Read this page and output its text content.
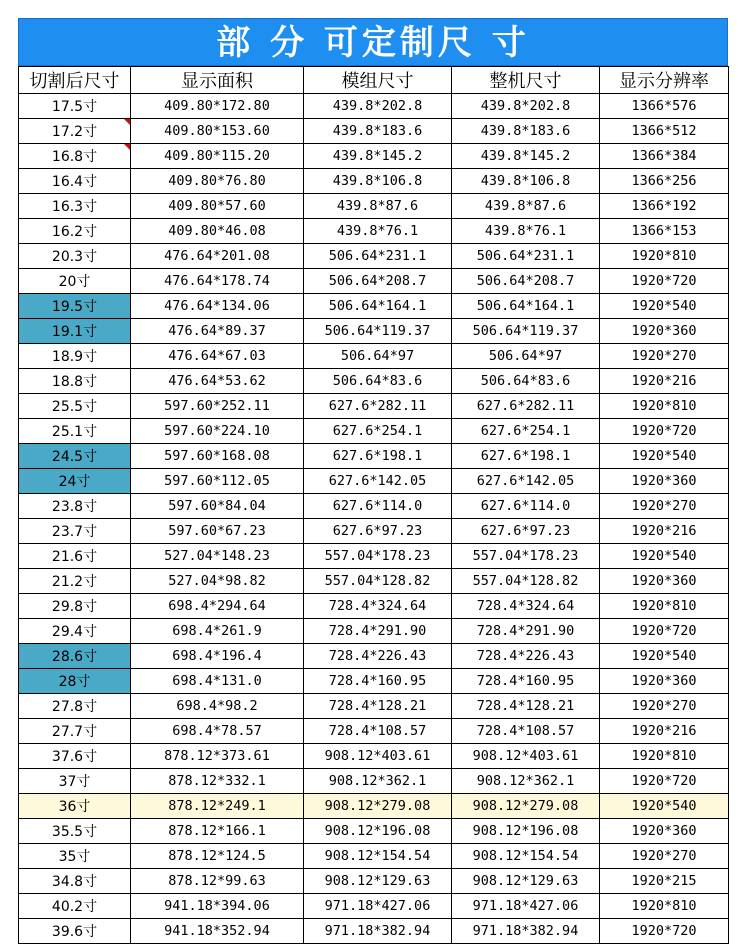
部 分 可定制尺 寸
切割后尺寸	显示面积	模组尺寸	整机尺寸	显示分辨率
17.5寸	409.80*172.80	439.8*202.8	439.8*202.8	1366*576
17.2寸	409.80*153.60	439.8*183.6	439.8*183.6	1366*512
16.8寸	409.80*115.20	439.8*145.2	439.8*145.2	1366*384
16.4寸	409.80*76.80	439.8*106.8	439.8*106.8	1366*256
16.3寸	409.80*57.60	439.8*87.6	439.8*87.6	1366*192
16.2寸	409.80*46.08	439.8*76.1	439.8*76.1	1366*153
20.3寸	476.64*201.08	506.64*231.1	506.64*231.1	1920*810
20寸	476.64*178.74	506.64*208.7	506.64*208.7	1920*720
19.5寸	476.64*134.06	506.64*164.1	506.64*164.1	1920*540
19.1寸	476.64*89.37	506.64*119.37	506.64*119.37	1920*360
18.9寸	476.64*67.03	506.64*97	506.64*97	1920*270
18.8寸	476.64*53.62	506.64*83.6	506.64*83.6	1920*216
25.5寸	597.60*252.11	627.6*282.11	627.6*282.11	1920*810
25.1寸	597.60*224.10	627.6*254.1	627.6*254.1	1920*720
24.5寸	597.60*168.08	627.6*198.1	627.6*198.1	1920*540
24寸	597.60*112.05	627.6*142.05	627.6*142.05	1920*360
23.8寸	597.60*84.04	627.6*114.0	627.6*114.0	1920*270
23.7寸	597.60*67.23	627.6*97.23	627.6*97.23	1920*216
21.6寸	527.04*148.23	557.04*178.23	557.04*178.23	1920*540
21.2寸	527.04*98.82	557.04*128.82	557.04*128.82	1920*360
29.8寸	698.4*294.64	728.4*324.64	728.4*324.64	1920*810
29.4寸	698.4*261.9	728.4*291.90	728.4*291.90	1920*720
28.6寸	698.4*196.4	728.4*226.43	728.4*226.43	1920*540
28寸	698.4*131.0	728.4*160.95	728.4*160.95	1920*360
27.8寸	698.4*98.2	728.4*128.21	728.4*128.21	1920*270
27.7寸	698.4*78.57	728.4*108.57	728.4*108.57	1920*216
37.6寸	878.12*373.61	908.12*403.61	908.12*403.61	1920*810
37寸	878.12*332.1	908.12*362.1	908.12*362.1	1920*720
36寸	878.12*249.1	908.12*279.08	908.12*279.08	1920*540
35.5寸	878.12*166.1	908.12*196.08	908.12*196.08	1920*360
35寸	878.12*124.5	908.12*154.54	908.12*154.54	1920*270
34.8寸	878.12*99.63	908.12*129.63	908.12*129.63	1920*215
40.2寸	941.18*394.06	971.18*427.06	971.18*427.06	1920*810
39.6寸	941.18*352.94	971.18*382.94	971.18*382.94	1920*720
